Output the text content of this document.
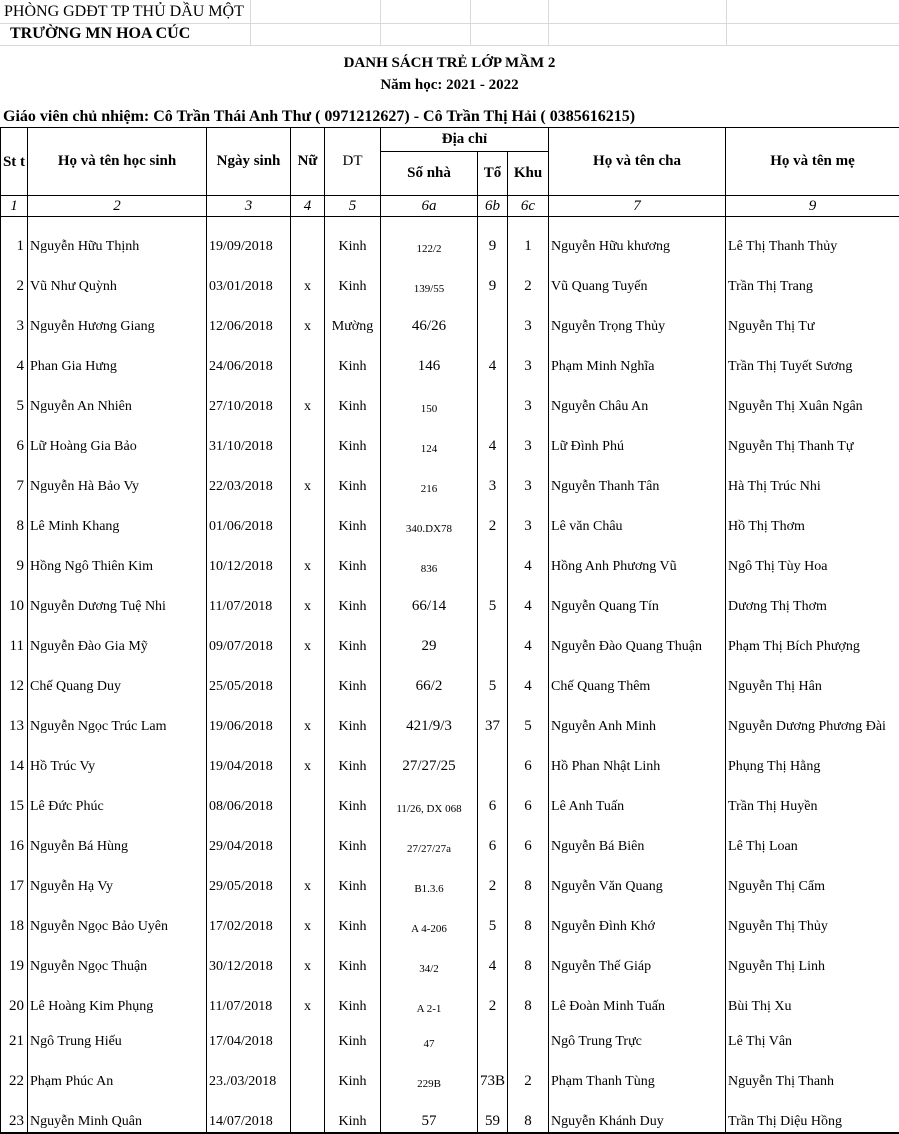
PHÒNG GDĐT TP THỦ DẦU MỘT
TRƯỜNG MN HOA CÚC
DANH SÁCH TRẺ LỚP MẦM 2
Năm học: 2021 - 2022
Giáo viên chủ nhiệm: Cô Trần Thái Anh Thư ( 0971212627) - Cô Trần Thị Hải ( 0385616215)
St t	Họ và tên học sinh	Ngày sinh	Nữ	DT	Địa chỉ			Họ và tên cha	Họ và tên mẹ
					Số nhà	Tổ	Khu		
1	2	3	4	5	6a	6b	6c	7	9
1	Nguyễn Hữu Thịnh	19/09/2018		Kinh	122/2	9	1	Nguyễn Hữu khương	Lê Thị Thanh Thủy
2	Vũ Như Quỳnh	03/01/2018	x	Kinh	139/55	9	2	Vũ Quang Tuyến	Trần Thị Trang
3	Nguyễn Hương Giang	12/06/2018	x	Mường	46/26		3	Nguyễn Trọng Thủy	Nguyễn Thị Tư
4	Phan Gia Hưng	24/06/2018		Kinh	146	4	3	Phạm Minh Nghĩa	Trần Thị Tuyết Sương
5	Nguyễn An Nhiên	27/10/2018	x	Kinh	150		3	Nguyễn Châu An	Nguyễn Thị Xuân Ngân
6	Lữ Hoàng Gia Bảo	31/10/2018		Kinh	124	4	3	Lữ Đình Phú	Nguyễn Thị Thanh Tự
7	Nguyễn Hà Bảo Vy	22/03/2018	x	Kinh	216	3	3	Nguyễn Thanh Tân	Hà Thị Trúc Nhi
8	Lê Minh Khang	01/06/2018		Kinh	340.DX78	2	3	Lê văn Châu	Hồ Thị Thơm
9	Hồng Ngô Thiên Kim	10/12/2018	x	Kinh	836		4	Hồng Anh Phương Vũ	Ngô Thị Tùy Hoa
10	Nguyễn Dương Tuệ Nhi	11/07/2018	x	Kinh	66/14	5	4	Nguyễn Quang Tín	Dương Thị Thơm
11	Nguyễn Đào Gia Mỹ	09/07/2018	x	Kinh	29		4	Nguyễn Đào Quang Thuận	Phạm Thị Bích Phượng
12	Chế Quang Duy	25/05/2018		Kinh	66/2	5	4	Chế Quang Thêm	Nguyễn Thị Hân
13	Nguyễn Ngọc Trúc Lam	19/06/2018	x	Kinh	421/9/3	37	5	Nguyễn Anh Minh	Nguyễn Dương Phương Đài
14	Hồ Trúc Vy	19/04/2018	x	Kinh	27/27/25		6	Hồ Phan Nhật Linh	Phụng Thị Hằng
15	Lê Đức Phúc	08/06/2018		Kinh	11/26, DX 068	6	6	Lê Anh Tuấn	Trần Thị Huyền
16	Nguyễn Bá Hùng	29/04/2018		Kinh	27/27/27a	6	6	Nguyễn Bá Biên	Lê Thị Loan
17	Nguyễn Hạ Vy	29/05/2018	x	Kinh	B1.3.6	2	8	Nguyễn Văn Quang	Nguyễn Thị Cẩm
18	Nguyễn Ngọc Bảo Uyên	17/02/2018	x	Kinh	A 4-206	5	8	Nguyễn Đình Khớ	Nguyễn Thị Thủy
19	Nguyễn Ngọc Thuận	30/12/2018	x	Kinh	34/2	4	8	Nguyễn Thế Giáp	Nguyễn Thị Linh
20	Lê Hoàng Kim Phụng	11/07/2018	x	Kinh	A 2-1	2	8	Lê Đoàn Minh Tuấn	Bùi Thị Xu
21	Ngô Trung Hiếu	17/04/2018		Kinh	47			Ngô Trung Trực	Lê Thị Vân
22	Phạm Phúc An	23./03/2018		Kinh	229B	73B	2	Phạm Thanh Tùng	Nguyễn Thị Thanh
23	Nguyễn Minh Quân	14/07/2018		Kinh	57	59	8	Nguyễn Khánh Duy	Trần Thị Diệu Hồng
